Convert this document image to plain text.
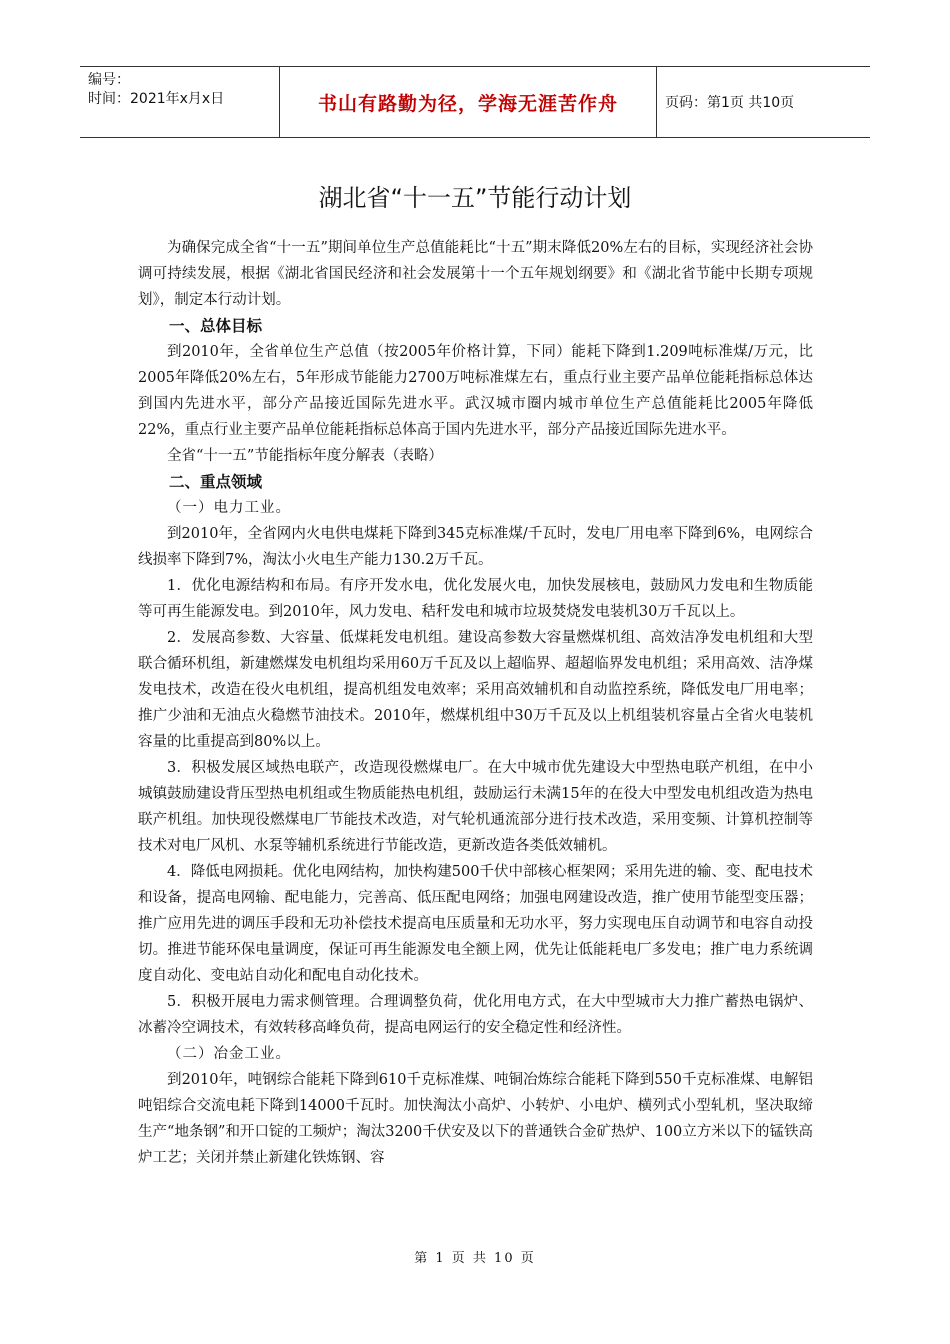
编号：
时间：2021年x月x日	书山有路勤为径，学海无涯苦作舟	页码：第1页 共10页
湖北省“十一五”节能行动计划

为确保完成全省“十一五”期间单位生产总值能耗比“十五”期末降低20%左右的目标，实现经济社会协调可持续发展，根据《湖北省国民经济和社会发展第十一个五年规划纲要》和《湖北省节能中长期专项规划》，制定本行动计划。

一、总体目标

到2010年，全省单位生产总值（按2005年价格计算，下同）能耗下降到1.209吨标准煤/万元，比2005年降低20%左右，5年形成节能能力2700万吨标准煤左右，重点行业主要产品单位能耗指标总体达到国内先进水平，部分产品接近国际先进水平。武汉城市圈内城市单位生产总值能耗比2005年降低22%，重点行业主要产品单位能耗指标总体高于国内先进水平，部分产品接近国际先进水平。

全省“十一五”节能指标年度分解表（表略）

二、重点领域

（一）电力工业。

到2010年，全省网内火电供电煤耗下降到345克标准煤/千瓦时，发电厂用电率下降到6%，电网综合线损率下降到7%，淘汰小火电生产能力130.2万千瓦。

1．优化电源结构和布局。有序开发水电，优化发展火电，加快发展核电，鼓励风力发电和生物质能等可再生能源发电。到2010年，风力发电、秸秆发电和城市垃圾焚烧发电装机30万千瓦以上。

2．发展高参数、大容量、低煤耗发电机组。建设高参数大容量燃煤机组、高效洁净发电机组和大型联合循环机组，新建燃煤发电机组均采用60万千瓦及以上超临界、超超临界发电机组；采用高效、洁净煤发电技术，改造在役火电机组，提高机组发电效率；采用高效辅机和自动监控系统，降低发电厂用电率；推广少油和无油点火稳燃节油技术。2010年，燃煤机组中30万千瓦及以上机组装机容量占全省火电装机容量的比重提高到80%以上。

3．积极发展区域热电联产，改造现役燃煤电厂。在大中城市优先建设大中型热电联产机组，在中小城镇鼓励建设背压型热电机组或生物质能热电机组，鼓励运行未满15年的在役大中型发电机组改造为热电联产机组。加快现役燃煤电厂节能技术改造，对气轮机通流部分进行技术改造，采用变频、计算机控制等技术对电厂风机、水泵等辅机系统进行节能改造，更新改造各类低效辅机。

4．降低电网损耗。优化电网结构，加快构建500千伏中部核心框架网；采用先进的输、变、配电技术和设备，提高电网输、配电能力，完善高、低压配电网络；加强电网建设改造，推广使用节能型变压器；推广应用先进的调压手段和无功补偿技术提高电压质量和无功水平，努力实现电压自动调节和电容自动投切。推进节能环保电量调度，保证可再生能源发电全额上网，优先让低能耗电厂多发电；推广电力系统调度自动化、变电站自动化和配电自动化技术。

5．积极开展电力需求侧管理。合理调整负荷，优化用电方式，在大中型城市大力推广蓄热电锅炉、冰蓄冷空调技术，有效转移高峰负荷，提高电网运行的安全稳定性和经济性。

（二）冶金工业。

到2010年，吨钢综合能耗下降到610千克标准煤、吨铜冶炼综合能耗下降到550千克标准煤、电解铝吨铝综合交流电耗下降到14000千瓦时。加快淘汰小高炉、小转炉、小电炉、横列式小型轧机，坚决取缔生产“地条钢”和开口锭的工频炉；淘汰3200千伏安及以下的普通铁合金矿热炉、100立方米以下的锰铁高炉工艺；关闭并禁止新建化铁炼钢、容

第 1 页 共 10 页
